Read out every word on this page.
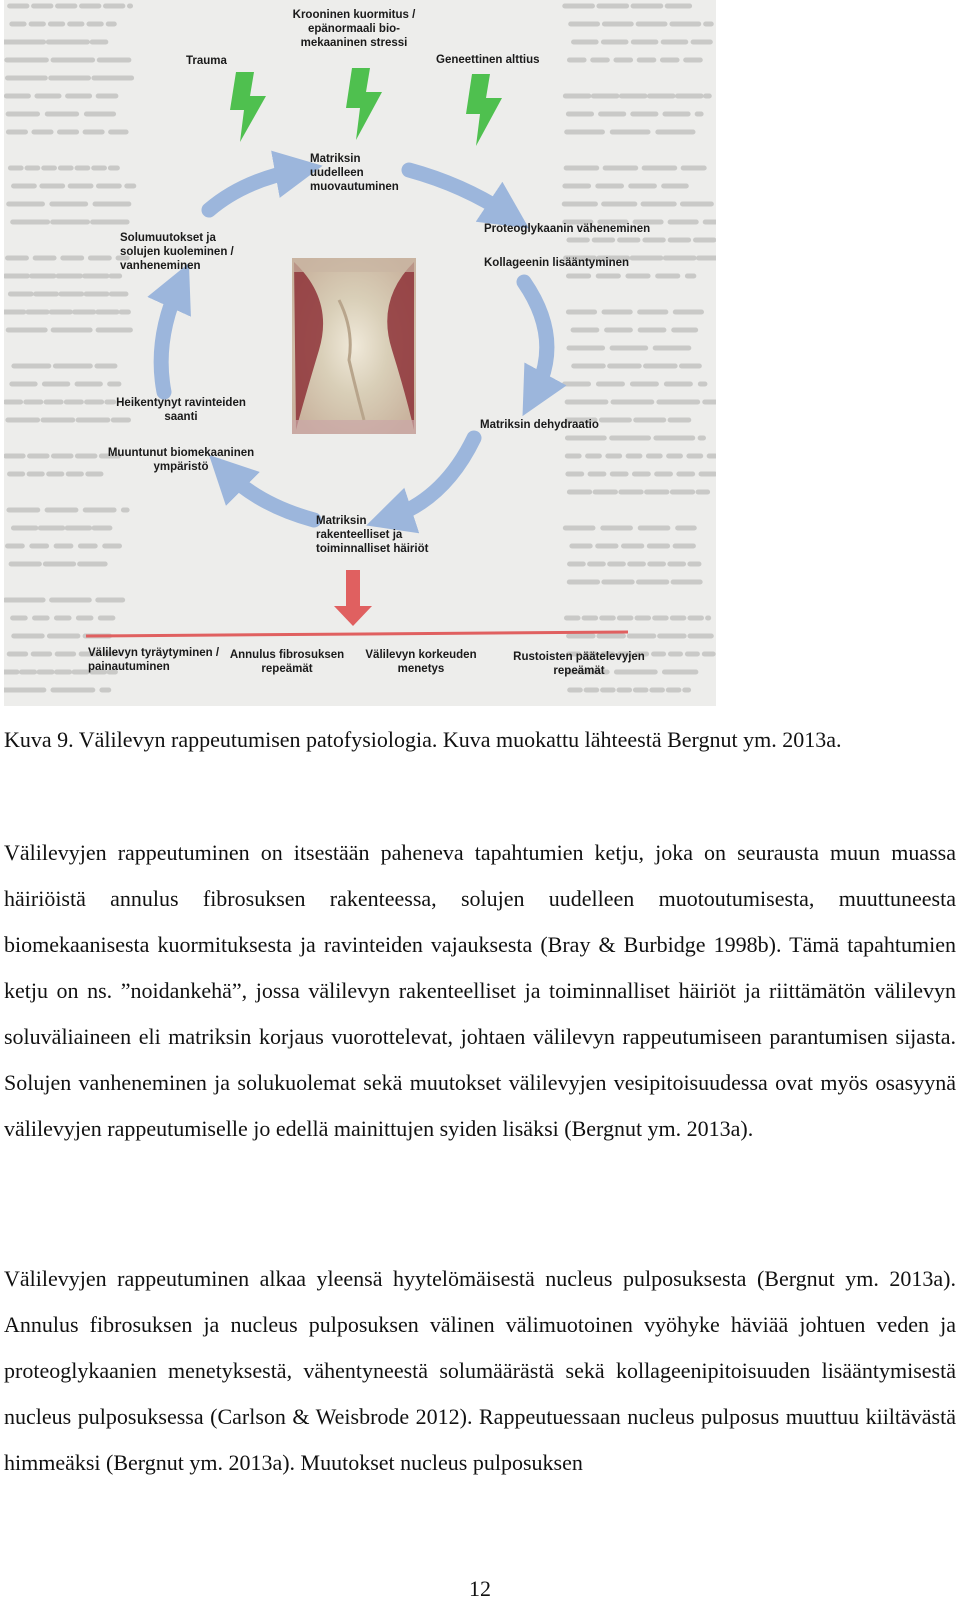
Trauma
Krooninen kuormitus /
epänormaali bio-
mekaaninen stressi
Geneettinen alttius
Matriksin
uudelleen
muovautuminen
Proteoglykaanin väheneminen
Kollageenin lisääntyminen
Solumuutokset ja
solujen kuoleminen /
vanheneminen
Heikentynyt ravinteiden
saanti
Muuntunut biomekaaninen
ympäristö
Matriksin dehydraatio
Matriksin
rakenteelliset ja
toiminnalliset häiriöt
Välilevyn tyräytyminen /
painautuminen
Annulus fibrosuksen
repeämät
Välilevyn korkeuden
menetys
Rustoisten päätelevyjen
repeämät
Kuva 9. Välilevyn rappeutumisen patofysiologia. Kuva muokattu lähteestä Bergnut ym. 2013a.
Välilevyjen rappeutuminen on itsestään paheneva tapahtumien ketju, joka on seurausta muun muassa häiriöistä annulus fibrosuksen rakenteessa, solujen uudelleen muotoutumisesta, muuttuneesta biomekaanisesta kuormituksesta ja ravinteiden vajauksesta (Bray & Burbidge 1998b). Tämä tapahtumien ketju on ns. ”noidankehä”, jossa välilevyn rakenteelliset ja toiminnalliset häiriöt ja riittämätön välilevyn soluväliaineen eli matriksin korjaus vuorottelevat, johtaen välilevyn rappeutumiseen parantumisen sijasta. Solujen vanheneminen ja solukuolemat sekä muutokset välilevyjen vesipitoisuudessa ovat myös osasyynä välilevyjen rappeutumiselle jo edellä mainittujen syiden lisäksi (Bergnut ym. 2013a).
Välilevyjen rappeutuminen alkaa yleensä hyytelömäisestä nucleus pulposuksesta (Bergnut ym. 2013a). Annulus fibrosuksen ja nucleus pulposuksen välinen välimuotoinen vyöhyke häviää johtuen veden ja proteoglykaanien menetyksestä, vähentyneestä solumäärästä sekä kollageenipitoisuuden lisääntymisestä nucleus pulposuksessa (Carlson & Weisbrode 2012). Rappeutuessaan nucleus pulposus muuttuu kiiltävästä himmeäksi (Bergnut ym. 2013a). Muutokset nucleus pulposuksen
12
